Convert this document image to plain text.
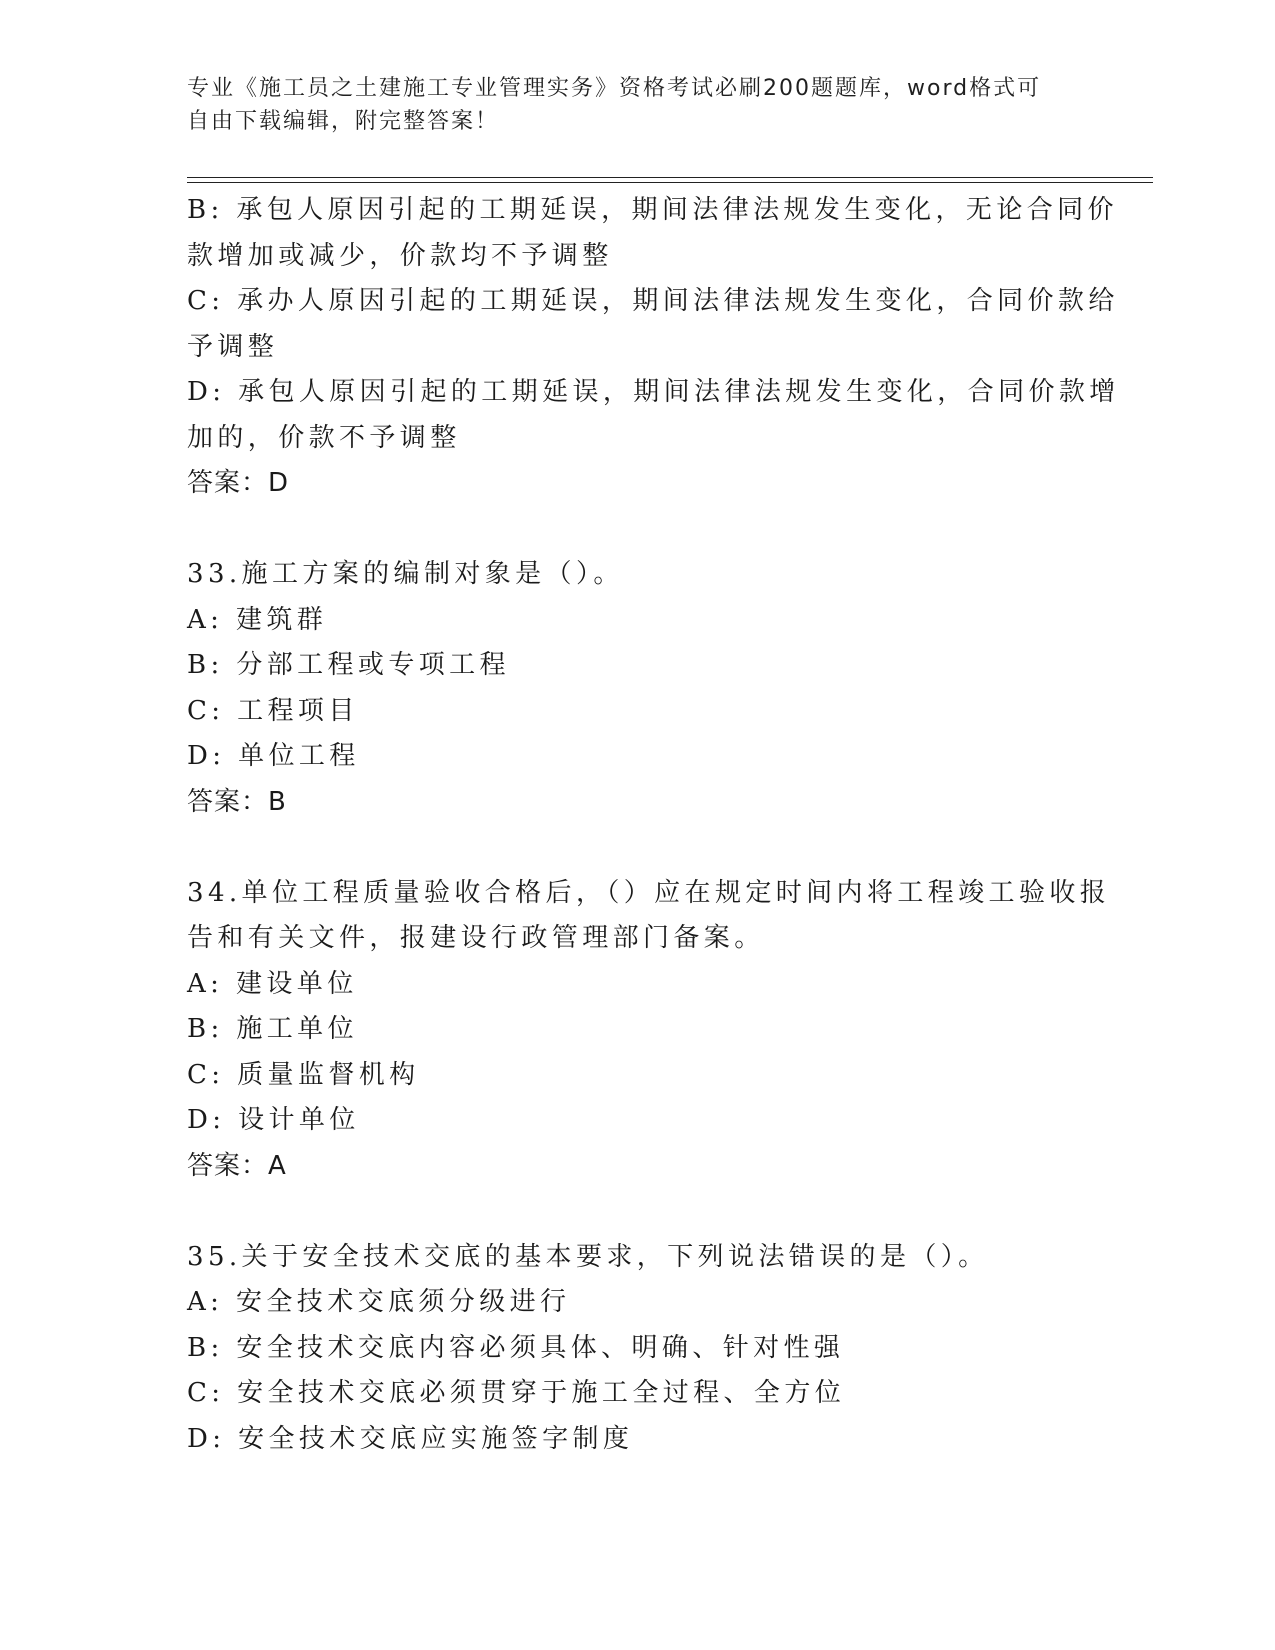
专业《施工员之土建施工专业管理实务》资格考试必刷200题题库，word格式可
自由下载编辑，附完整答案！
B: 承包人原因引起的工期延误，期间法律法规发生变化，无论合同价
款增加或减少，价款均不予调整
C: 承办人原因引起的工期延误，期间法律法规发生变化，合同价款给
予调整
D: 承包人原因引起的工期延误，期间法律法规发生变化，合同价款增
加的，价款不予调整
答案：D
33.施工方案的编制对象是（）。
A: 建筑群
B: 分部工程或专项工程
C: 工程项目
D: 单位工程
答案：B
34.单位工程质量验收合格后，（）应在规定时间内将工程竣工验收报
告和有关文件，报建设行政管理部门备案。
A: 建设单位
B: 施工单位
C: 质量监督机构
D: 设计单位
答案：A
35.关于安全技术交底的基本要求，下列说法错误的是（）。
A: 安全技术交底须分级进行
B: 安全技术交底内容必须具体、明确、针对性强
C: 安全技术交底必须贯穿于施工全过程、全方位
D: 安全技术交底应实施签字制度
